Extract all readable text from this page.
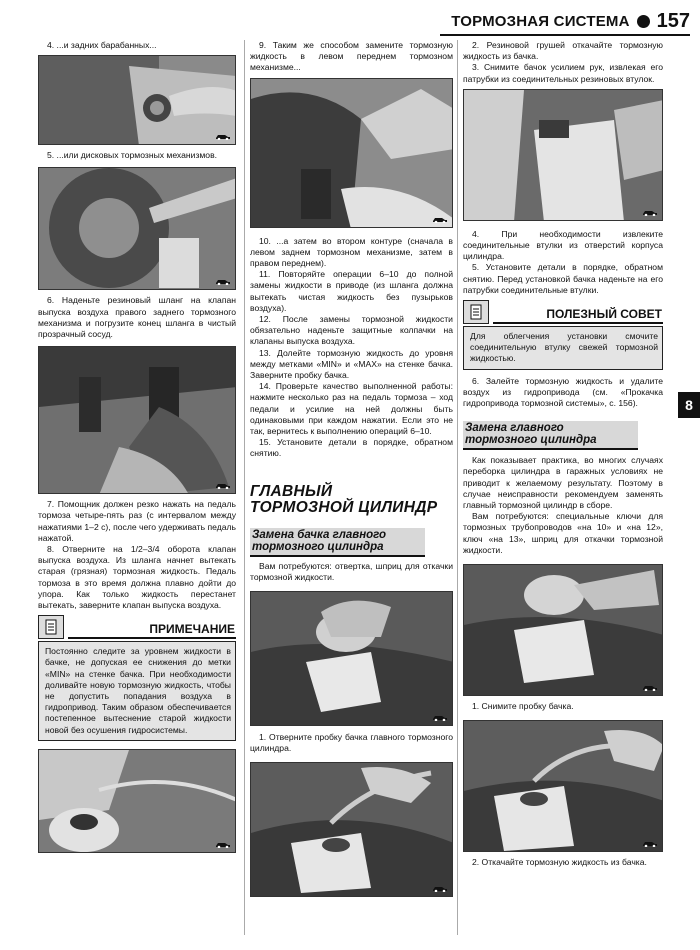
ТОРМОЗНАЯ СИСТЕМА 157
8
4. ...и задних барабанных...
5. ...или дисковых тормозных механизмов.

6. Наденьте резиновый шланг на клапан выпуска воздуха правого заднего тормозного механизма и погрузите конец шланга в чистый прозрачный сосуд.

7. Помощник должен резко нажать на педаль тормоза четыре-пять раз (с интервалом между нажатиями 1–2 с), после чего удерживать педаль нажатой.

8. Отверните на 1/2–3/4 оборота клапан выпуска воздуха. Из шланга начнет вытекать старая (грязная) тормозная жидкость. Педаль тормоза в это время должна плавно дойти до упора. Как только жидкость перестанет вытекать, заверните клапан выпуска воздуха.

ПРИМЕЧАНИЕ

Постоянно следите за уровнем жидкости в бачке, не допуская ее снижения до метки «MIN» на стенке бачка. При необходимости доливайте новую тормозную жидкость, чтобы не допустить попадания воздуха в гидропривод. Таким образом обеспечивается постепенное вытеснение старой жидкости новой без осушения гидросистемы.

9. Таким же способом замените тормозную жидкость в левом переднем тормозном механизме...

10. ...а затем во втором контуре (сначала в левом заднем тормозном механизме, затем в правом переднем).

11. Повторяйте операции 6–10 до полной замены жидкости в приводе (из шланга должна вытекать чистая жидкость без пузырьков воздуха).

12. После замены тормозной жидкости обязательно наденьте защитные колпачки на клапаны выпуска воздуха.

13. Долейте тормозную жидкость до уровня между метками «MIN» и «MAX» на стенке бачка. Заверните пробку бачка.

14. Проверьте качество выполненной работы: нажмите несколько раз на педаль тормоза – ход педали и усилие на ней должны быть одинаковыми при каждом нажатии. Если это не так, вернитесь к выполнению операций 6–10.

15. Установите детали в порядке, обратном снятию.

ГЛАВНЫЙ
ТОРМОЗНОЙ ЦИЛИНДР
Замена бачка главного
тормозного цилиндра

Вам потребуются: отвертка, шприц для откачки тормозной жидкости.

1. Отверните пробку бачка главного тормозного цилиндра.

2. Резиновой грушей откачайте тормозную жидкость из бачка.

3. Снимите бачок усилием рук, извлекая его патрубки из соединительных резиновых втулок.

4. При необходимости извлеките соединительные втулки из отверстий корпуса цилиндра.

5. Установите детали в порядке, обратном снятию. Перед установкой бачка наденьте на его патрубки соединительные втулки.

ПОЛЕЗНЫЙ СОВЕТ

Для облегчения установки смочите соединительную втулку свежей тормозной жидкостью.

6. Залейте тормозную жидкость и удалите воздух из гидропривода (см. «Прокачка гидропривода тормозной системы», с. 156).

Замена главного
тормозного цилиндра

Как показывает практика, во многих случаях переборка цилиндра в гаражных условиях не приводит к желаемому результату. Поэтому в случае неисправности рекомендуем заменять главный тормозной цилиндр в сборе.

Вам потребуются: специальные ключи для тормозных трубопроводов «на 10» и «на 12», ключ «на 13», шприц для откачки тормозной жидкости.

1. Снимите пробку бачка.

2. Откачайте тормозную жидкость из бачка.
